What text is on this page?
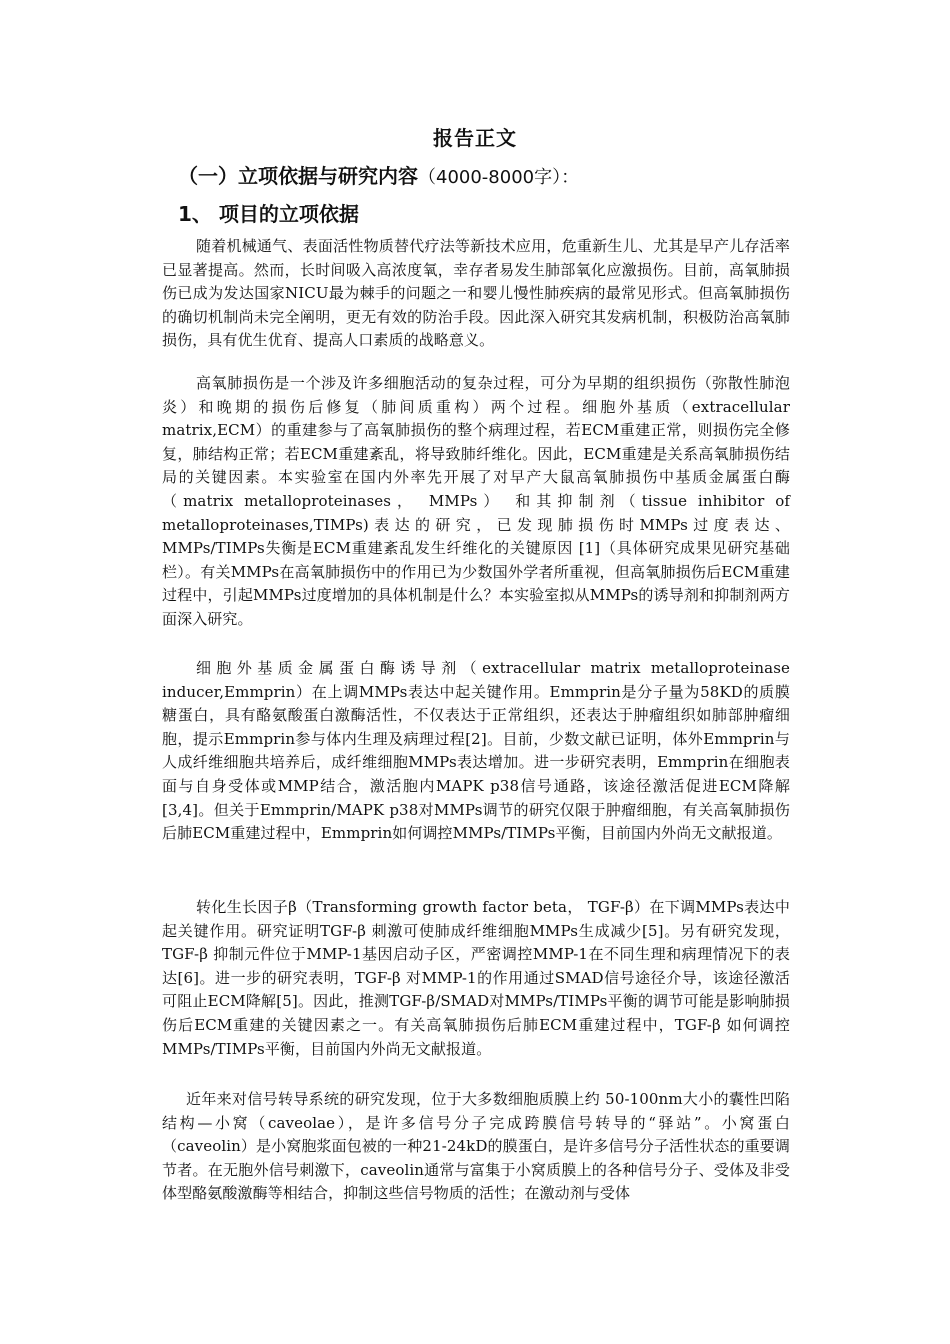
报告正文
（一）立项依据与研究内容（4000-8000字）：
1、 项目的立项依据
随着机械通气、表面活性物质替代疗法等新技术应用，危重新生儿、尤其是早产儿存活率已显著提高。然而，长时间吸入高浓度氧，幸存者易发生肺部氧化应激损伤。目前，高氧肺损伤已成为发达国家NICU最为棘手的问题之一和婴儿慢性肺疾病的最常见形式。但高氧肺损伤的确切机制尚未完全阐明，更无有效的防治手段。因此深入研究其发病机制，积极防治高氧肺损伤，具有优生优育、提高人口素质的战略意义。
高氧肺损伤是一个涉及许多细胞活动的复杂过程，可分为早期的组织损伤（弥散性肺泡炎）和晚期的损伤后修复（肺间质重构）两个过程。细胞外基质（extracellular matrix,ECM）的重建参与了高氧肺损伤的整个病理过程，若ECM重建正常，则损伤完全修复，肺结构正常；若ECM重建紊乱，将导致肺纤维化。因此，ECM重建是关系高氧肺损伤结局的关键因素。本实验室在国内外率先开展了对早产大鼠高氧肺损伤中基质金属蛋白酶（matrix metalloproteinases， MMPs） 和其抑制剂（tissue inhibitor of metalloproteinases,TIMPs)表达的研究，已发现肺损伤时MMPs过度表达、MMPs/TIMPs失衡是ECM重建紊乱发生纤维化的关键原因 [1]（具体研究成果见研究基础栏）。有关MMPs在高氧肺损伤中的作用已为少数国外学者所重视，但高氧肺损伤后ECM重建过程中，引起MMPs过度增加的具体机制是什么？本实验室拟从MMPs的诱导剂和抑制剂两方面深入研究。
细胞外基质金属蛋白酶诱导剂（extracellular matrix metalloproteinase inducer,Emmprin）在上调MMPs表达中起关键作用。Emmprin是分子量为58KD的质膜糖蛋白，具有酪氨酸蛋白激酶活性，不仅表达于正常组织，还表达于肿瘤组织如肺部肿瘤细胞，提示Emmprin参与体内生理及病理过程[2]。目前，少数文献已证明，体外Emmprin与人成纤维细胞共培养后，成纤维细胞MMPs表达增加。进一步研究表明，Emmprin在细胞表面与自身受体或MMP结合，激活胞内MAPK p38信号通路，该途径激活促进ECM降解[3,4]。但关于Emmprin/MAPK p38对MMPs调节的研究仅限于肿瘤细胞，有关高氧肺损伤后肺ECM重建过程中，Emmprin如何调控MMPs/TIMPs平衡，目前国内外尚无文献报道。
转化生长因子β（Transforming growth factor beta， TGF-β）在下调MMPs表达中起关键作用。研究证明TGF-β 刺激可使肺成纤维细胞MMPs生成减少[5]。另有研究发现，TGF-β 抑制元件位于MMP-1基因启动子区，严密调控MMP-1在不同生理和病理情况下的表达[6]。进一步的研究表明，TGF-β 对MMP-1的作用通过SMAD信号途径介导，该途径激活可阻止ECM降解[5]。因此，推测TGF-β/SMAD对MMPs/TIMPs平衡的调节可能是影响肺损伤后ECM重建的关键因素之一。有关高氧肺损伤后肺ECM重建过程中，TGF-β 如何调控MMPs/TIMPs平衡，目前国内外尚无文献报道。
近年来对信号转导系统的研究发现，位于大多数细胞质膜上约 50-100nm大小的囊性凹陷结构—小窝（caveolae），是许多信号分子完成跨膜信号转导的“驿站”。小窝蛋白（caveolin）是小窝胞浆面包被的一种21-24kD的膜蛋白，是许多信号分子活性状态的重要调节者。在无胞外信号刺激下，caveolin通常与富集于小窝质膜上的各种信号分子、受体及非受体型酪氨酸激酶等相结合，抑制这些信号物质的活性；在激动剂与受体
